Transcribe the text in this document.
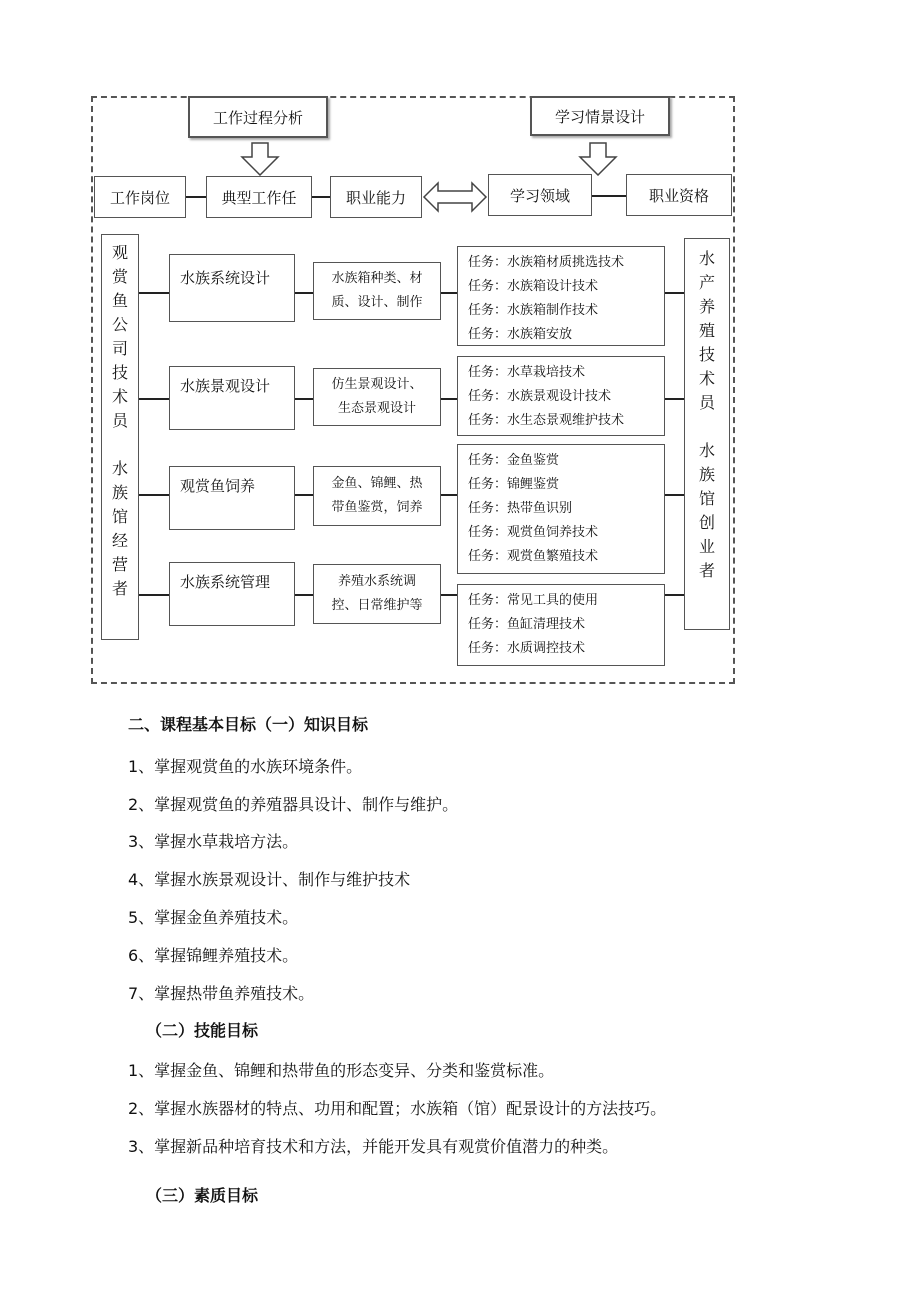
工作过程分析	学习情景设计
工作岗位	典型工作任	职业能力	学习领域	职业资格
观
赏
鱼
公
司
技
术
员
水
族
馆
经
营
者
水
产
养
殖
技
术
员
水
族
馆
创
业
者
水族系统设计	水族箱种类、材
质、设计、制作
任务：水族箱材质挑选技术
任务：水族箱设计技术
任务：水族箱制作技术
任务：水族箱安放
水族景观设计	仿生景观设计、
生态景观设计
任务：水草栽培技术
任务：水族景观设计技术
任务：水生态景观维护技术
观赏鱼饲养	金鱼、锦鲤、热
带鱼鉴赏，饲养
任务：金鱼鉴赏
任务：锦鲤鉴赏
任务：热带鱼识别
任务：观赏鱼饲养技术
任务：观赏鱼繁殖技术
水族系统管理	养殖水系统调
控、日常维护等	任务：常见工具的使用
任务：鱼缸清理技术
任务：水质调控技术
二、课程基本目标（一）知识目标
1、掌握观赏鱼的水族环境条件。
2、掌握观赏鱼的养殖器具设计、制作与维护。
3、掌握水草栽培方法。
4、掌握水族景观设计、制作与维护技术
5、掌握金鱼养殖技术。
6、掌握锦鲤养殖技术。
7、掌握热带鱼养殖技术。
（二）技能目标
1、掌握金鱼、锦鲤和热带鱼的形态变异、分类和鉴赏标准。
2、掌握水族器材的特点、功用和配置；水族箱（馆）配景设计的方法技巧。
3、掌握新品种培育技术和方法，并能开发具有观赏价值潜力的种类。
（三）素质目标
